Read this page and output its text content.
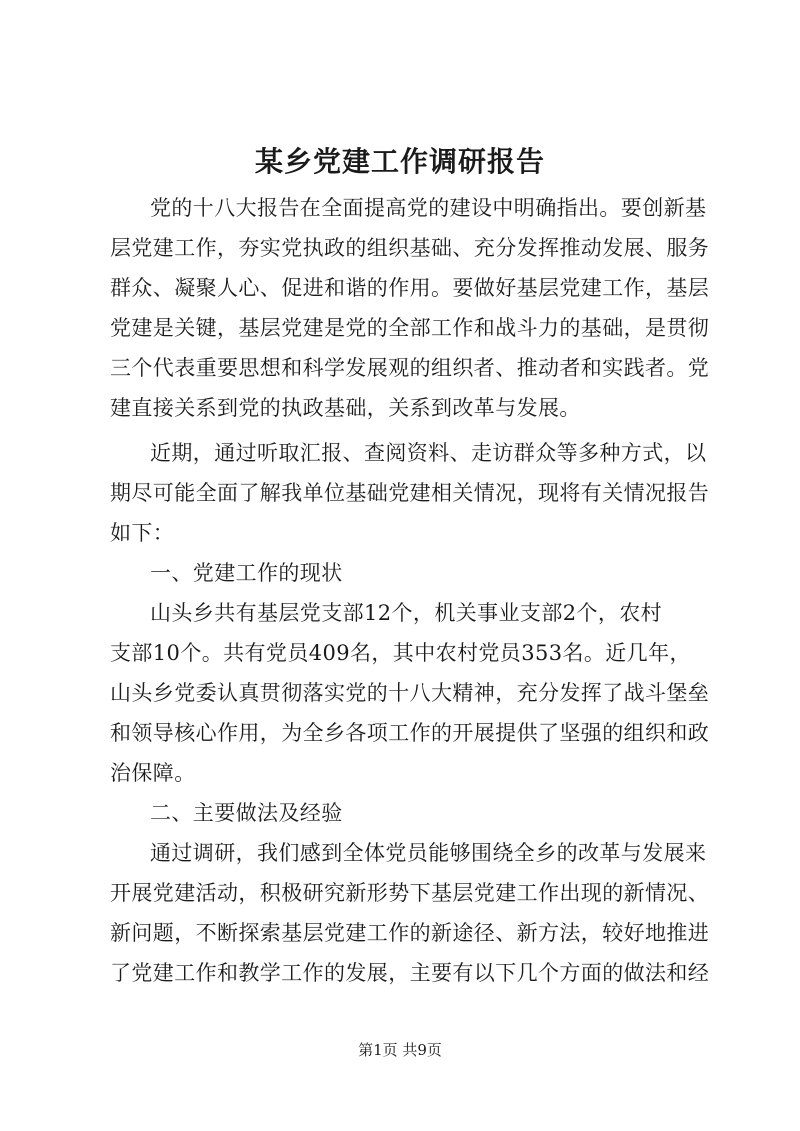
某乡党建工作调研报告
党的十八大报告在全面提高党的建设中明确指出。要创新基
层党建工作，夯实党执政的组织基础、充分发挥推动发展、服务
群众、凝聚人心、促进和谐的作用。要做好基层党建工作，基层
党建是关键，基层党建是党的全部工作和战斗力的基础，是贯彻
三个代表重要思想和科学发展观的组织者、推动者和实践者。党
建直接关系到党的执政基础，关系到改革与发展。
近期，通过听取汇报、查阅资料、走访群众等多种方式，以
期尽可能全面了解我单位基础党建相关情况，现将有关情况报告
如下：
一、党建工作的现状
山头乡共有基层党支部12个，机关事业支部2个，农村
支部10个。共有党员409名，其中农村党员353名。近几年，
山头乡党委认真贯彻落实党的十八大精神，充分发挥了战斗堡垒
和领导核心作用，为全乡各项工作的开展提供了坚强的组织和政
治保障。
二、主要做法及经验
通过调研，我们感到全体党员能够围绕全乡的改革与发展来
开展党建活动，积极研究新形势下基层党建工作出现的新情况、
新问题，不断探索基层党建工作的新途径、新方法，较好地推进
了党建工作和教学工作的发展，主要有以下几个方面的做法和经
第1页 共9页
